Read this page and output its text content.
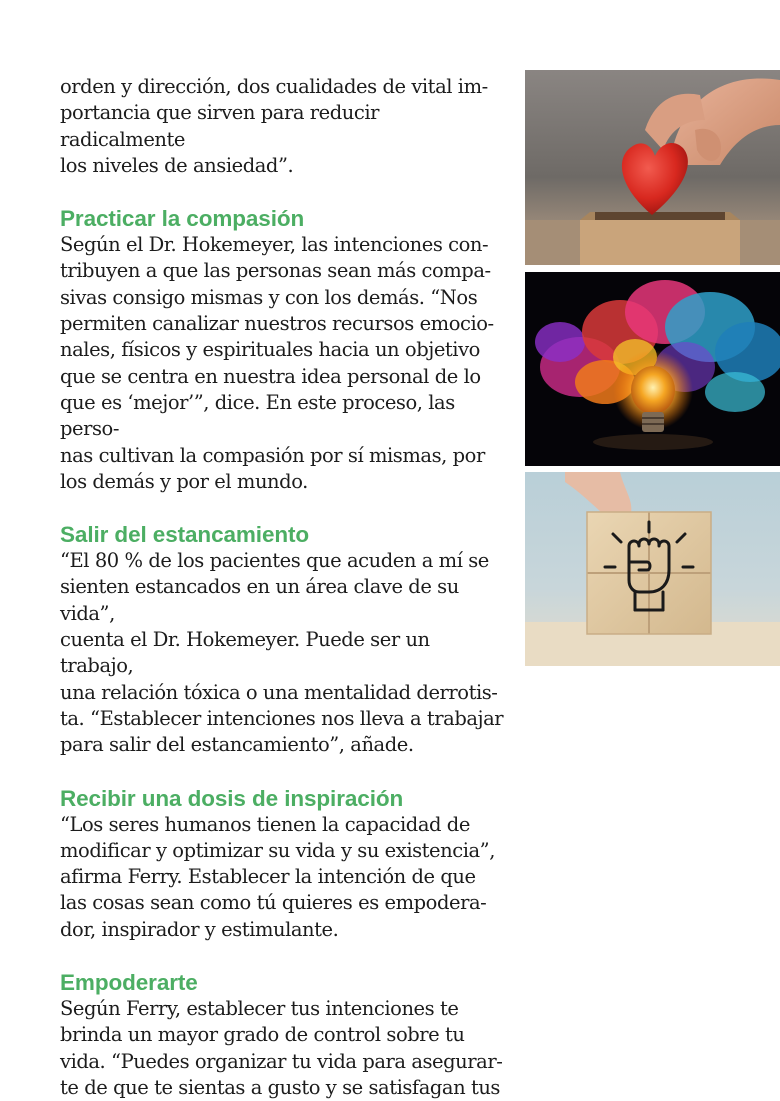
orden y dirección, dos cualidades de vital im-
portancia que sirven para reducir radicalmente
los niveles de ansiedad”.

Practicar la compasión

Según el Dr. Hokemeyer, las intenciones con-
tribuyen a que las personas sean más compa-
sivas consigo mismas y con los demás. “Nos
permiten canalizar nuestros recursos emocio-
nales, físicos y espirituales hacia un objetivo
que se centra en nuestra idea personal de lo
que es ‘mejor’”, dice. En este proceso, las perso-
nas cultivan la compasión por sí mismas, por
los demás y por el mundo.

Salir del estancamiento

“El 80 % de los pacientes que acuden a mí se
sienten estancados en un área clave de su vida”,
cuenta el Dr. Hokemeyer. Puede ser un trabajo,
una relación tóxica o una mentalidad derrotis-
ta. “Establecer intenciones nos lleva a trabajar
para salir del estancamiento”, añade.

Recibir una dosis de inspiración

“Los seres humanos tienen la capacidad de
modificar y optimizar su vida y su existencia”,
afirma Ferry. Establecer la intención de que
las cosas sean como tú quieres es empodera-
dor, inspirador y estimulante.

Empoderarte

Según Ferry, establecer tus intenciones te
brinda un mayor grado de control sobre tu
vida. “Puedes organizar tu vida para asegurar-
te de que te sientas a gusto y se satisfagan tus
